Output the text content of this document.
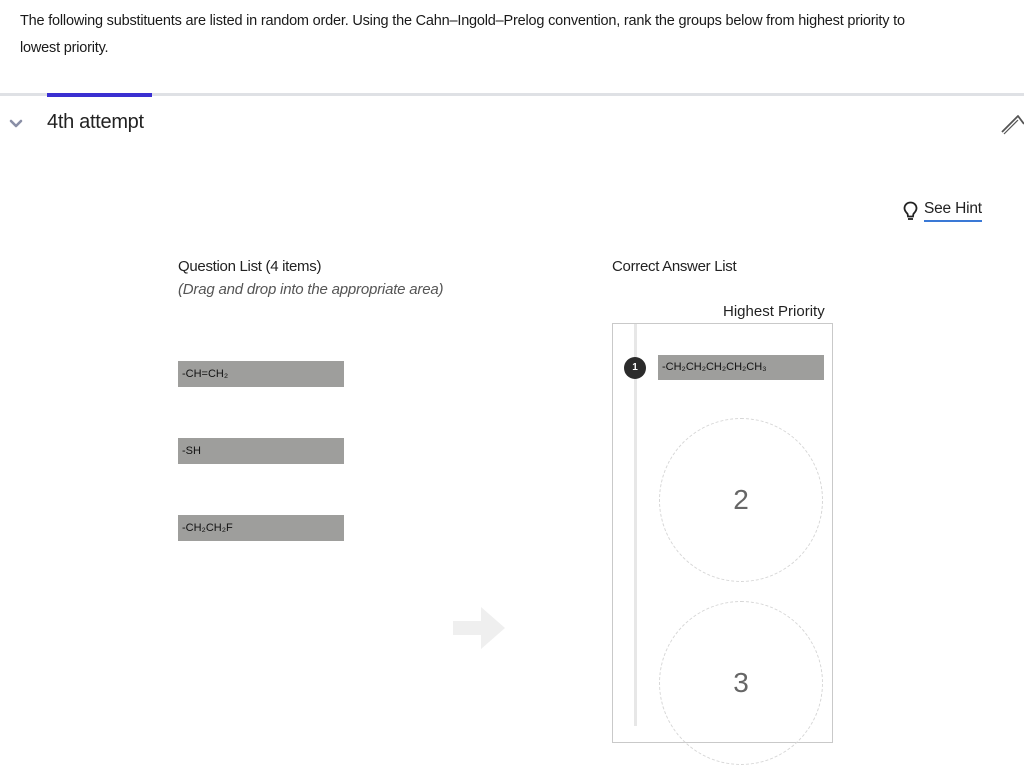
The following substituents are listed in random order. Using the Cahn–Ingold–Prelog convention, rank the groups below from highest priority to
lowest priority.
4th attempt
See Hint
Question List (4 items)
(Drag and drop into the appropriate area)
-CH=CH₂
-SH
-CH₂CH₂F
Correct Answer List
Highest Priority
1	-CH₂CH₂CH₂CH₂CH₃
2
3
